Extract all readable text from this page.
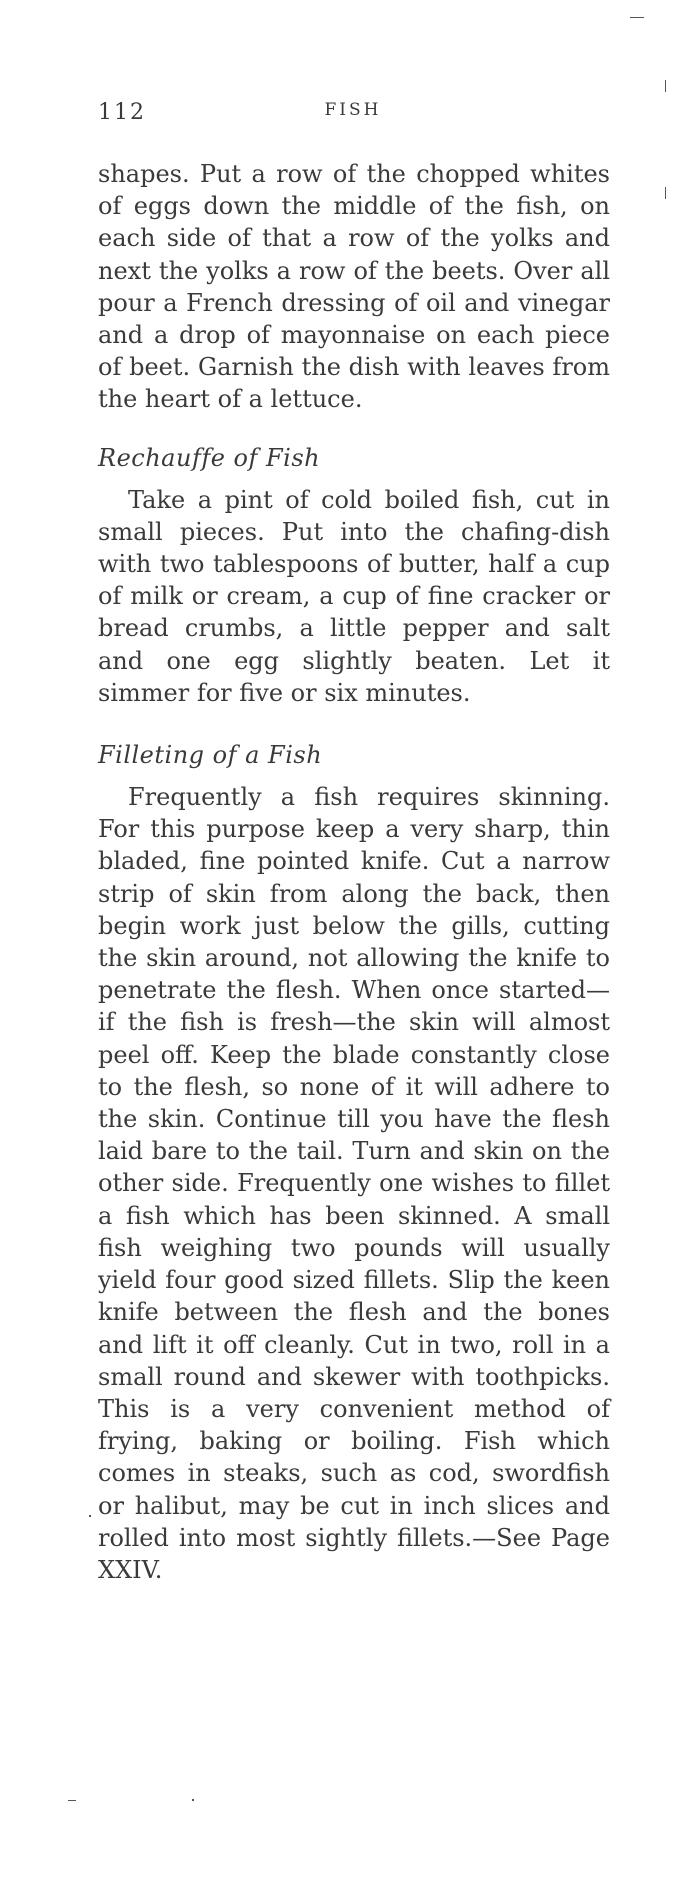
112	FISH

shapes. Put a row of the chopped whites of eggs down the middle of the fish, on each side of that a row of the yolks and next the yolks a row of the beets. Over all pour a French dressing of oil and vinegar and a drop of mayonnaise on each piece of beet. Garnish the dish with leaves from the heart of a lettuce.

Rechauffe of Fish

Take a pint of cold boiled fish, cut in small pieces. Put into the chafing-dish with two tablespoons of butter, half a cup of milk or cream, a cup of fine cracker or bread crumbs, a little pepper and salt and one egg slightly beaten. Let it simmer for five or six minutes.

Filleting of a Fish

Frequently a fish requires skinning. For this purpose keep a very sharp, thin bladed, fine pointed knife. Cut a narrow strip of skin from along the back, then begin work just below the gills, cutting the skin around, not allowing the knife to penetrate the flesh. When once started—if the fish is fresh—the skin will almost peel off. Keep the blade constantly close to the flesh, so none of it will adhere to the skin. Continue till you have the flesh laid bare to the tail. Turn and skin on the other side. Frequently one wishes to fillet a fish which has been skinned. A small fish weighing two pounds will usually yield four good sized fillets. Slip the keen knife between the flesh and the bones and lift it off cleanly. Cut in two, roll in a small round and skewer with toothpicks. This is a very convenient method of frying, baking or boiling. Fish which comes in steaks, such as cod, swordfish or halibut, may be cut in inch slices and rolled into most sightly fillets.—See Page XXIV.
